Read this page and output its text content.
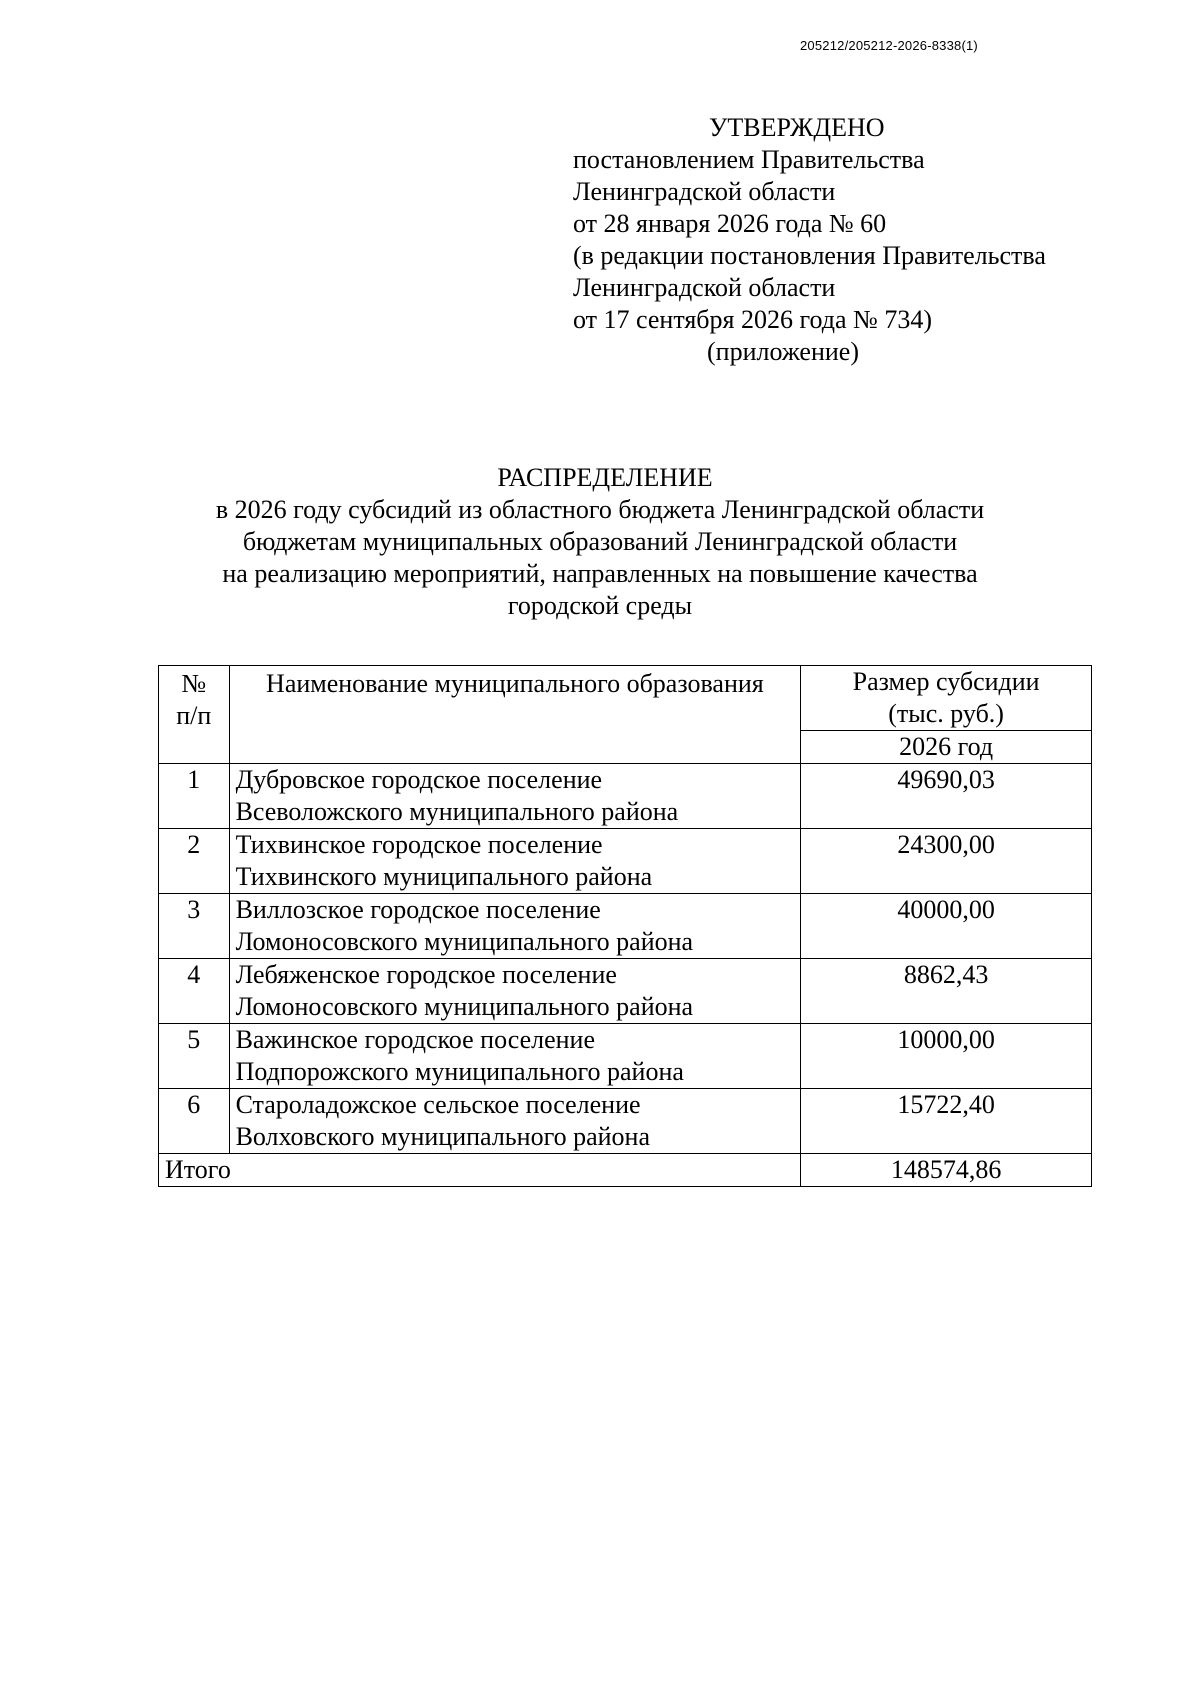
205212/205212-2026-8338(1)
УТВЕРЖДЕНО
постановлением Правительства
Ленинградской области
от 28 января 2026 года № 60
(в редакции постановления Правительства
Ленинградской области
от 17 сентября 2026 года № 734)
(приложение)
РАСПРЕДЕЛЕНИЕ
в 2026 году субсидий из областного бюджета Ленинградской области
бюджетам муниципальных образований Ленинградской области
на реализацию мероприятий, направленных на повышение качества
городской среды
№
п/п	Наименование муниципального образования	Размер субсидии
(тыс. руб.)

		2026 год
1	Дубровское городское поселение
Всеволожского муниципального района	49690,03
2	Тихвинское городское поселение
Тихвинского муниципального района	24300,00
3	Виллозское городское поселение
Ломоносовского муниципального района	40000,00
4	Лебяженское городское поселение
Ломоносовского муниципального района	8862,43
5	Важинское городское поселение
Подпорожского муниципального района	10000,00
6	Староладожское сельское поселение
Волховского муниципального района	15722,40
Итого		148574,86
